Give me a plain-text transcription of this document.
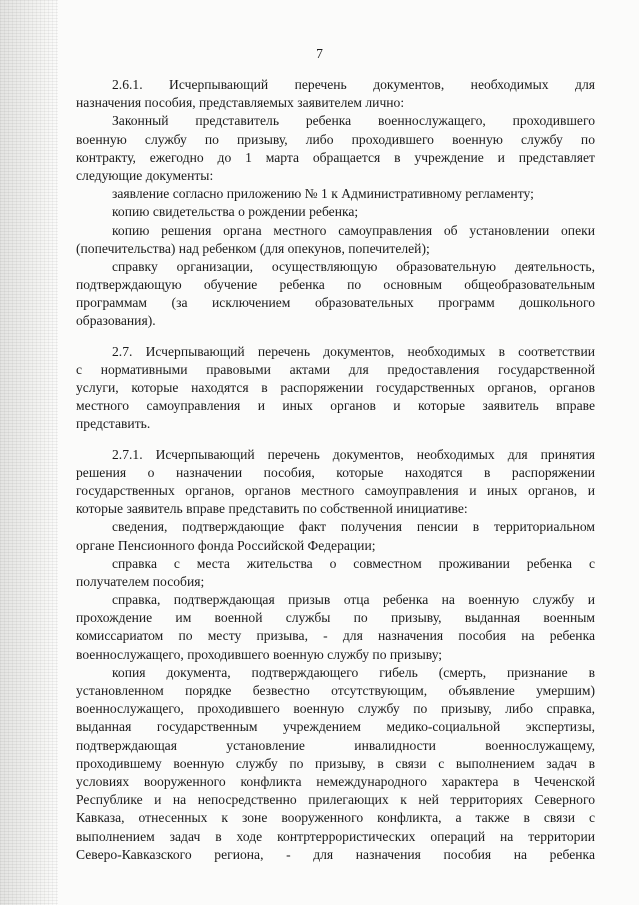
7
2.6.1. Исчерпывающий перечень документов, необходимых для
назначения пособия, представляемых заявителем лично:
Законный представитель ребенка военнослужащего, проходившего
военную службу по призыву, либо проходившего военную службу по
контракту, ежегодно до 1 марта обращается в учреждение и представляет
следующие документы:
заявление согласно приложению № 1 к Административному регламенту;
копию свидетельства о рождении ребенка;
копию решения органа местного самоуправления об установлении опеки
(попечительства) над ребенком (для опекунов, попечителей);
справку организации, осуществляющую образовательную деятельность,
подтверждающую обучение ребенка по основным общеобразовательным
программам (за исключением образовательных программ дошкольного
образования).
2.7. Исчерпывающий перечень документов, необходимых в соответствии
с нормативными правовыми актами для предоставления государственной
услуги, которые находятся в распоряжении государственных органов, органов
местного самоуправления и иных органов и которые заявитель вправе
представить.
2.7.1. Исчерпывающий перечень документов, необходимых для принятия
решения о назначении пособия, которые находятся в распоряжении
государственных органов, органов местного самоуправления и иных органов, и
которые заявитель вправе представить по собственной инициативе:
сведения, подтверждающие факт получения пенсии в территориальном
органе Пенсионного фонда Российской Федерации;
справка с места жительства о совместном проживании ребенка с
получателем пособия;
справка, подтверждающая призыв отца ребенка на военную службу и
прохождение им военной службы по призыву, выданная военным
комиссариатом по месту призыва, - для назначения пособия на ребенка
военнослужащего, проходившего военную службу по призыву;
копия документа, подтверждающего гибель (смерть, признание в
установленном порядке безвестно отсутствующим, объявление умершим)
военнослужащего, проходившего военную службу по призыву, либо справка,
выданная государственным учреждением медико-социальной экспертизы,
подтверждающая установление инвалидности военнослужащему,
проходившему военную службу по призыву, в связи с выполнением задач в
условиях вооруженного конфликта немеждународного характера в Чеченской
Республике и на непосредственно прилегающих к ней территориях Северного
Кавказа, отнесенных к зоне вооруженного конфликта, а также в связи с
выполнением задач в ходе контртеррористических операций на территории
Северо-Кавказского региона, - для назначения пособия на ребенка
